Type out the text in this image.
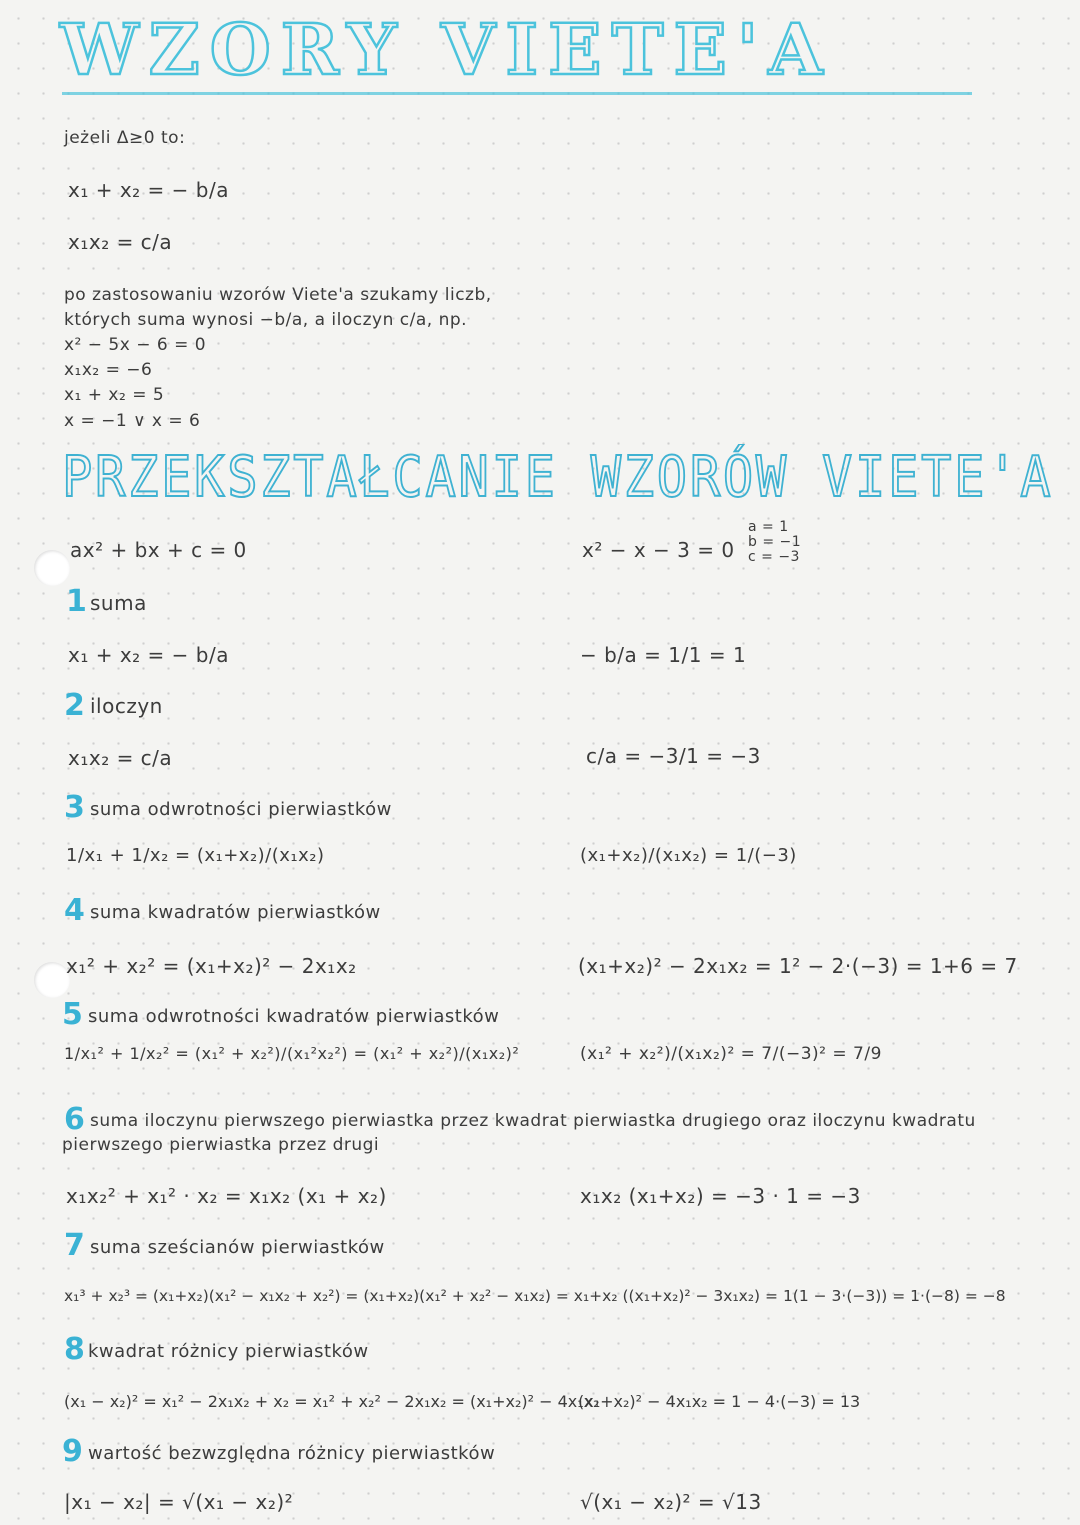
WZORY VIETE'A
jeżeli Δ≥0 to:
x₁ + x₂ = − b/a
x₁x₂ = c/a
po zastosowaniu wzorów Viete'a szukamy liczb,
których suma wynosi −b/a, a iloczyn c/a, np.
x² − 5x − 6 = 0
x₁x₂ = −6
x₁ + x₂ = 5
x = −1 ∨ x = 6
PRZEKSZTAŁCANIE WZORÓW VIETE'A
ax² + bx + c = 0	x² − x − 3 = 0
a = 1
b = −1
c = −3
1 suma
x₁ + x₂ = − b/a	− b/a = 1/1 = 1
2 iloczyn
x₁x₂ = c/a	c/a = −3/1 = −3
3 suma odwrotności pierwiastków
1/x₁ + 1/x₂ = (x₁+x₂)/(x₁x₂)	(x₁+x₂)/(x₁x₂) = 1/(−3)
4 suma kwadratów pierwiastków
x₁² + x₂² = (x₁+x₂)² − 2x₁x₂	(x₁+x₂)² − 2x₁x₂ = 1² − 2·(−3) = 1+6 = 7
5 suma odwrotności kwadratów pierwiastków
1/x₁² + 1/x₂² = (x₁² + x₂²)/(x₁²x₂²) = (x₁² + x₂²)/(x₁x₂)²	(x₁² + x₂²)/(x₁x₂)² = 7/(−3)² = 7/9
6 suma iloczynu pierwszego pierwiastka przez kwadrat pierwiastka drugiego oraz iloczynu kwadratu
pierwszego pierwiastka przez drugi
x₁x₂² + x₁² · x₂ = x₁x₂ (x₁ + x₂)	x₁x₂ (x₁+x₂) = −3 · 1 = −3
7 suma sześcianów pierwiastków
x₁³ + x₂³ = (x₁+x₂)(x₁² − x₁x₂ + x₂²) = (x₁+x₂)(x₁² + x₂² − x₁x₂) = x₁+x₂ ((x₁+x₂)² − 3x₁x₂) = 1(1 − 3·(−3)) = 1·(−8) = −8
8 kwadrat różnicy pierwiastków
(x₁ − x₂)² = x₁² − 2x₁x₂ + x₂ = x₁² + x₂² − 2x₁x₂ = (x₁+x₂)² − 4x₁x₂
(x₁+x₂)² − 4x₁x₂ = 1 − 4·(−3) = 13
9 wartość bezwzględna różnicy pierwiastków
|x₁ − x₂| = √(x₁ − x₂)²	√(x₁ − x₂)² = √13
